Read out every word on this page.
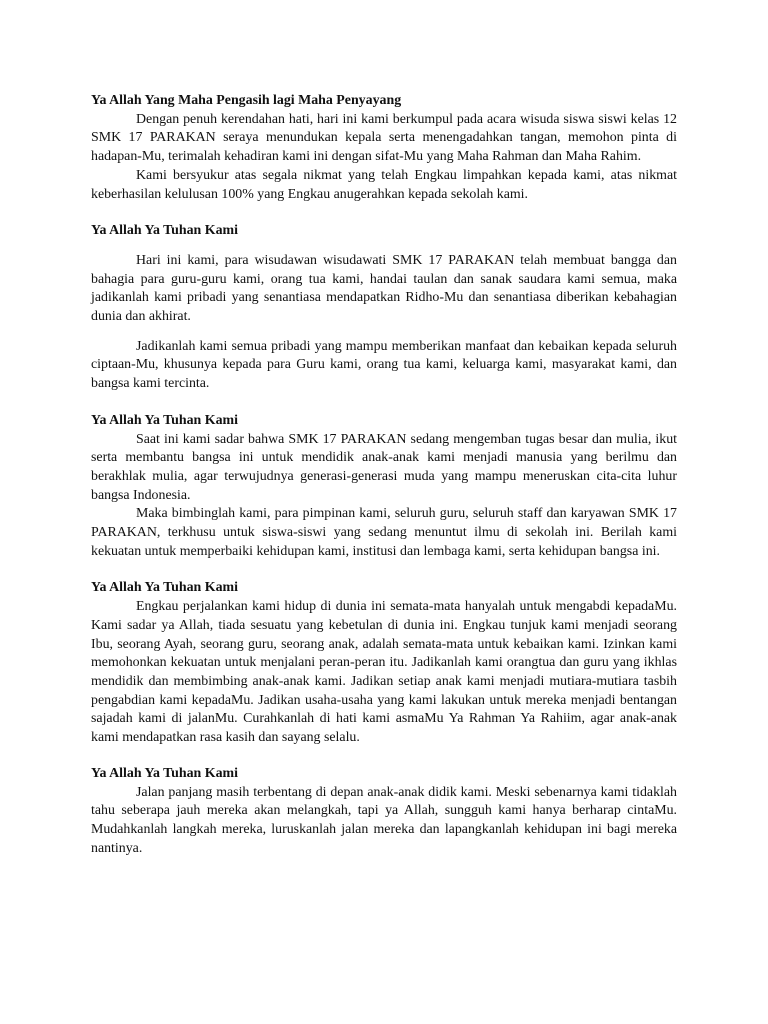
Ya Allah Yang Maha Pengasih lagi Maha Penyayang

Dengan penuh kerendahan hati, hari ini kami berkumpul pada acara wisuda siswa siswi kelas 12 SMK 17 PARAKAN seraya menundukan kepala serta menengadahkan tangan, memohon pinta di hadapan-Mu, terimalah kehadiran kami ini dengan sifat-Mu yang Maha Rahman dan Maha Rahim.

Kami bersyukur atas segala nikmat yang telah Engkau limpahkan kepada kami, atas nikmat keberhasilan kelulusan 100% yang Engkau anugerahkan kepada sekolah kami.

Ya Allah Ya Tuhan Kami

Hari ini kami, para wisudawan wisudawati SMK 17 PARAKAN telah membuat bangga dan bahagia para guru-guru kami, orang tua kami, handai taulan dan sanak saudara kami semua, maka jadikanlah kami pribadi yang senantiasa mendapatkan Ridho-Mu dan senantiasa diberikan kebahagian dunia dan akhirat.

Jadikanlah kami semua pribadi yang mampu memberikan manfaat dan kebaikan kepada seluruh ciptaan-Mu, khusunya kepada para Guru kami, orang tua kami, keluarga kami, masyarakat kami, dan bangsa kami tercinta.

Ya Allah Ya Tuhan Kami

Saat ini kami sadar bahwa SMK 17 PARAKAN sedang mengemban tugas besar dan mulia, ikut serta membantu bangsa ini untuk mendidik anak-anak kami menjadi manusia yang berilmu dan berakhlak mulia, agar terwujudnya generasi-generasi muda yang mampu meneruskan cita-cita luhur bangsa Indonesia.

Maka bimbinglah kami, para pimpinan kami, seluruh guru, seluruh staff dan karyawan SMK 17 PARAKAN, terkhusu untuk siswa-siswi yang sedang menuntut ilmu di sekolah ini. Berilah kami kekuatan untuk memperbaiki kehidupan kami, institusi dan lembaga kami, serta kehidupan bangsa ini.

Ya Allah Ya Tuhan Kami

Engkau perjalankan kami hidup di dunia ini semata-mata hanyalah untuk mengabdi kepadaMu. Kami sadar ya Allah, tiada sesuatu yang kebetulan di dunia ini. Engkau tunjuk kami menjadi seorang Ibu, seorang Ayah, seorang guru, seorang anak, adalah semata-mata untuk kebaikan kami. Izinkan kami memohonkan kekuatan untuk menjalani peran-peran itu. Jadikanlah kami orangtua dan guru yang ikhlas mendidik dan membimbing anak-anak kami. Jadikan setiap anak kami menjadi mutiara-mutiara tasbih pengabdian kami kepadaMu. Jadikan usaha-usaha yang kami lakukan untuk mereka menjadi bentangan sajadah kami di jalanMu. Curahkanlah di hati kami asmaMu Ya Rahman Ya Rahiim, agar anak-anak kami mendapatkan rasa kasih dan sayang selalu.

Ya Allah Ya Tuhan Kami

Jalan panjang masih terbentang di depan anak-anak didik kami. Meski sebenarnya kami tidaklah tahu seberapa jauh mereka akan melangkah, tapi ya Allah, sungguh kami hanya berharap cintaMu. Mudahkanlah langkah mereka, luruskanlah jalan mereka dan lapangkanlah kehidupan ini bagi mereka nantinya.
